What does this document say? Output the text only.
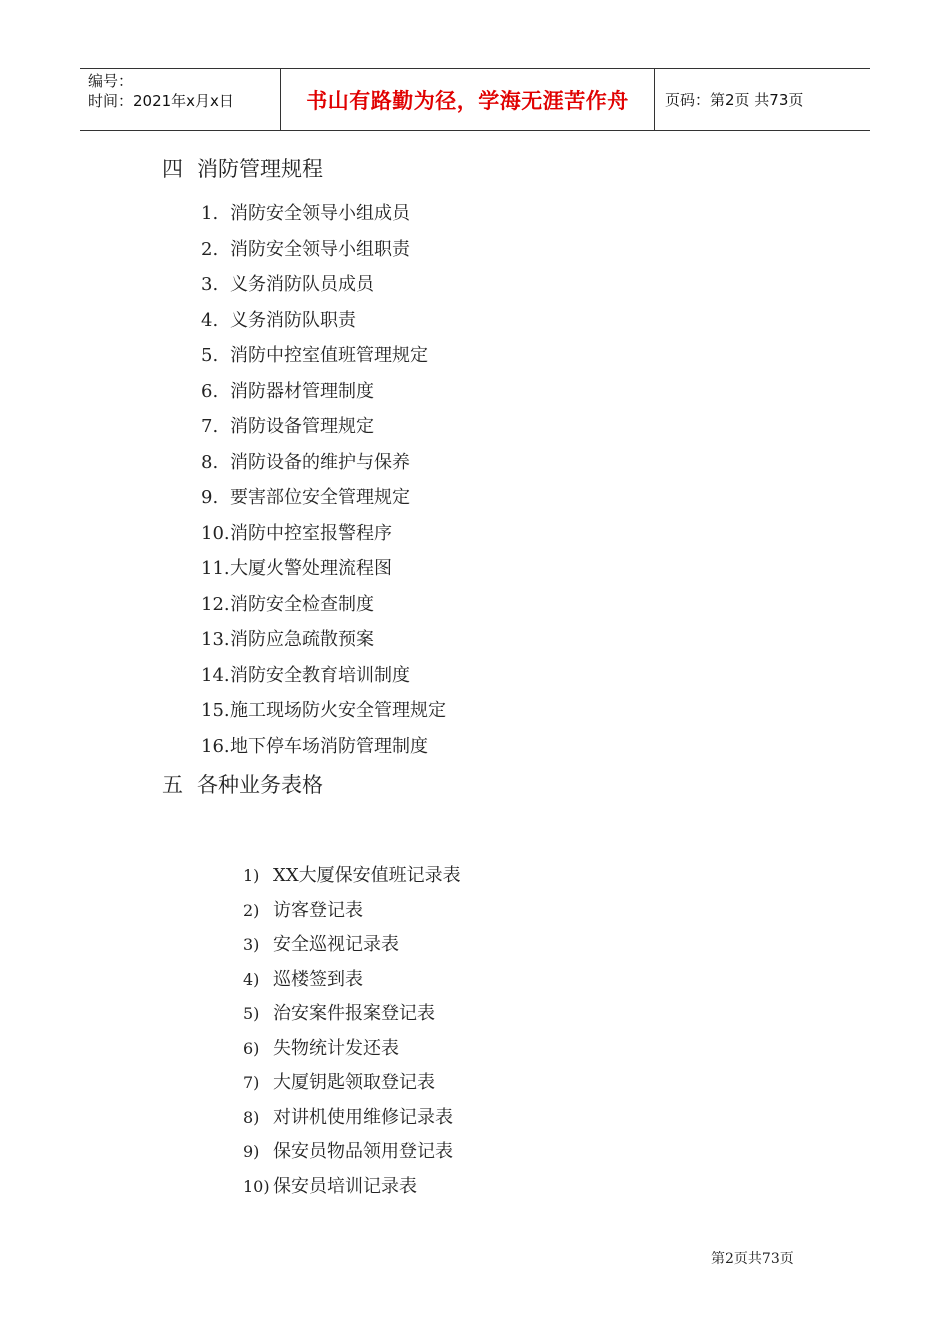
编号：
时间：2021年x月x日	书山有路勤为径，学海无涯苦作舟	页码：第2页 共73页
四 消防管理规程
1. 消防安全领导小组成员
2. 消防安全领导小组职责
3. 义务消防队员成员
4. 义务消防队职责
5. 消防中控室值班管理规定
6. 消防器材管理制度
7. 消防设备管理规定
8. 消防设备的维护与保养
9. 要害部位安全管理规定
10.消防中控室报警程序
11.大厦火警处理流程图
12.消防安全检查制度
13.消防应急疏散预案
14.消防安全教育培训制度
15.施工现场防火安全管理规定
16.地下停车场消防管理制度
五 各种业务表格
1) XX大厦保安值班记录表
2) 访客登记表
3) 安全巡视记录表
4) 巡楼签到表
5) 治安案件报案登记表
6) 失物统计发还表
7) 大厦钥匙领取登记表
8) 对讲机使用维修记录表
9) 保安员物品领用登记表
10) 保安员培训记录表
第2页共73页
